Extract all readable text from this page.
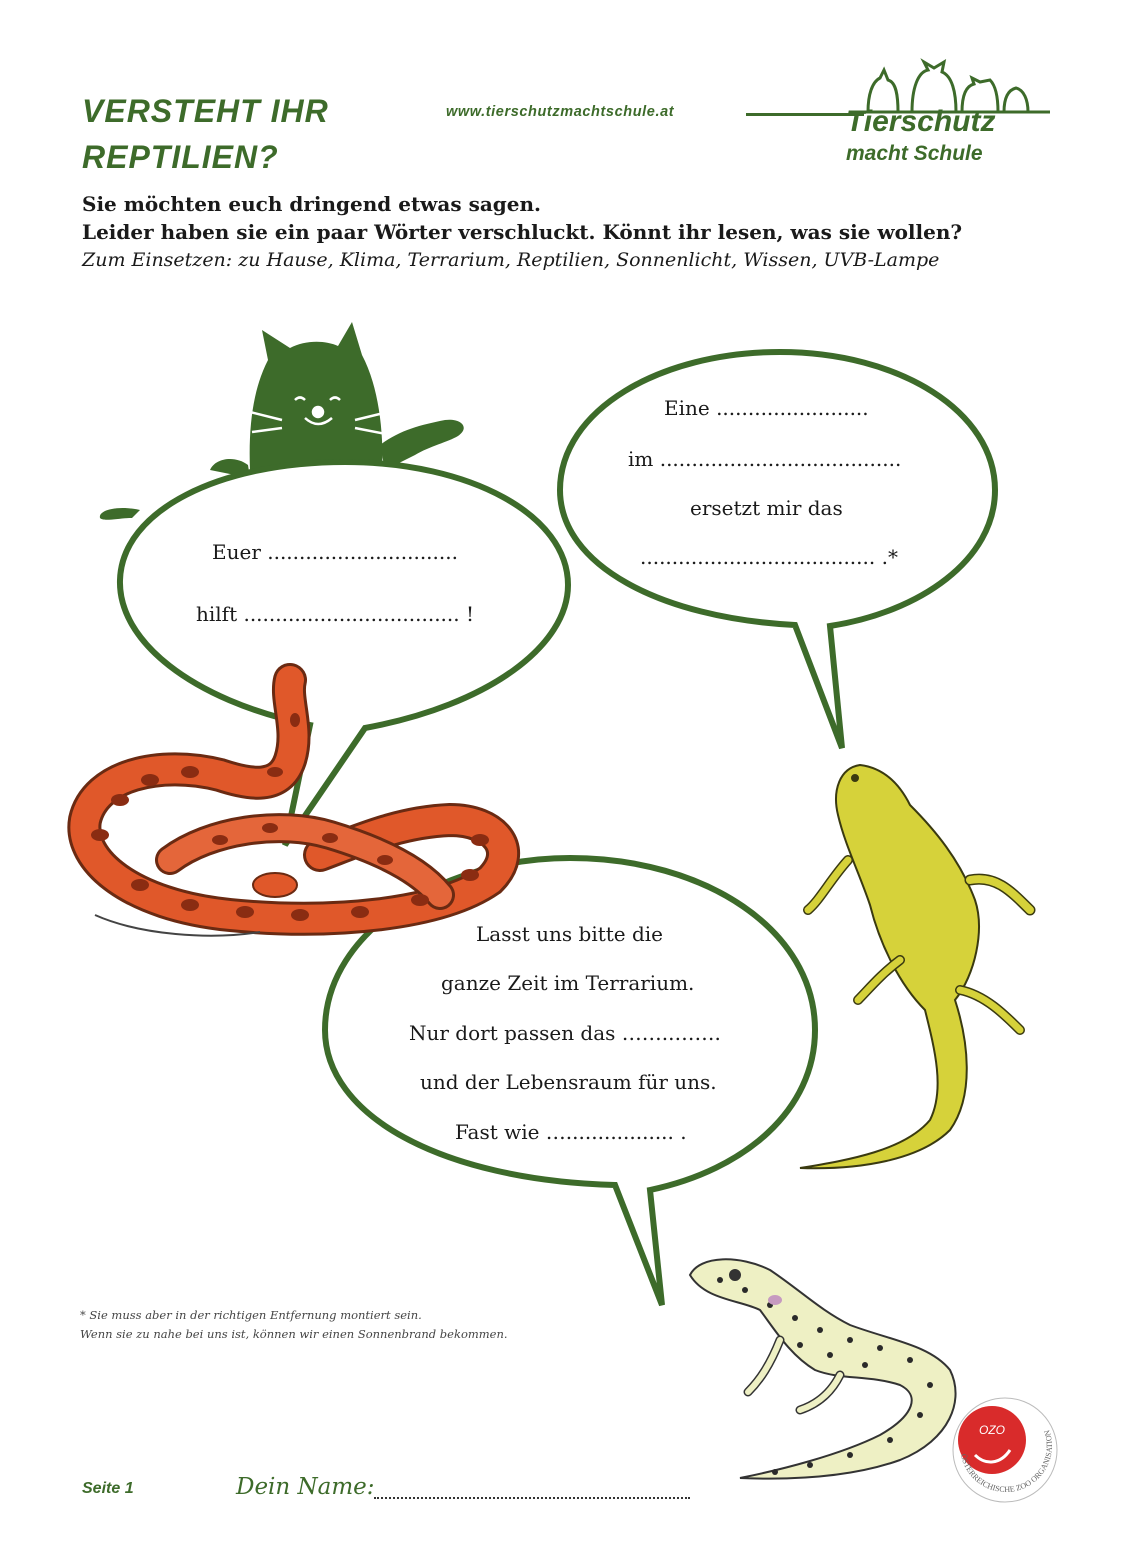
VERSTEHT IHR
REPTILIEN?
www.tierschutzmachtschule.at
OZO
Tierschutz
macht Schule
Sie möchten euch dringend etwas sagen.
Leider haben sie ein paar Wörter verschluckt. Könnt ihr lesen, was sie wollen?
Zum Einsetzen: zu Hause, Klima, Terrarium, Reptilien, Sonnenlicht, Wissen, UVB-Lampe
Euer ..............................
hilft .................................. !
Eine ........................
im ......................................
ersetzt mir das
..................................... .*
Lasst uns bitte die
ganze Zeit im Terrarium.
Nur dort passen das ……..…….
und der Lebensraum für uns.
Fast wie …................. .
* Sie muss aber in der richtigen Entfernung montiert sein.
Wenn sie zu nahe bei uns ist, können wir einen Sonnenbrand bekommen.
Seite 1	Dein Name:
ÖSTERREICHISCHE ZOO ORGANISATION
